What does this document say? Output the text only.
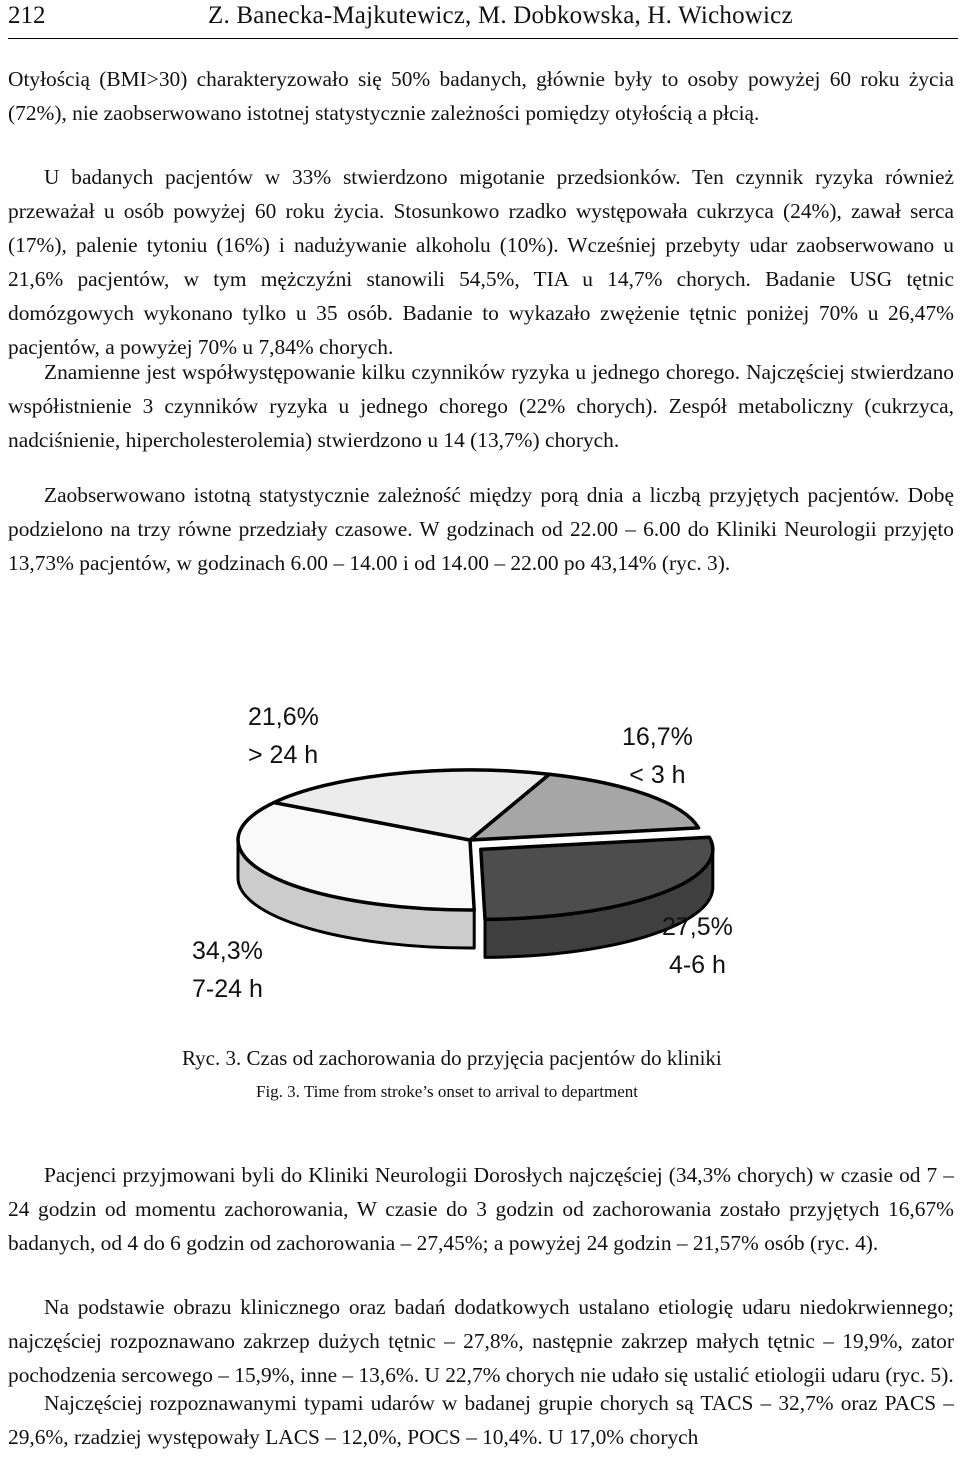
212	Z. Banecka-Majkutewicz, M. Dobkowska, H. Wichowicz

Otyłością (BMI>30) charakteryzowało się 50% badanych, głównie były to osoby powyżej 60 roku życia (72%), nie zaobserwowano istotnej statystycznie zależności pomiędzy otyłością a płcią.

U badanych pacjentów w 33% stwierdzono migotanie przedsionków. Ten czynnik ryzyka również przeważał u osób powyżej 60 roku życia. Stosunkowo rzadko występowała cukrzyca (24%), zawał serca (17%), palenie tytoniu (16%) i nadużywanie alkoholu (10%). Wcześniej przebyty udar zaobserwowano u 21,6% pacjentów, w tym mężczyźni stanowili 54,5%, TIA u 14,7% chorych. Badanie USG tętnic domózgowych wykonano tylko u 35 osób. Badanie to wykazało zwężenie tętnic poniżej 70% u 26,47% pacjentów, a powyżej 70% u 7,84% chorych.

Znamienne jest współwystępowanie kilku czynników ryzyka u jednego chorego. Najczęściej stwierdzano współistnienie 3 czynników ryzyka u jednego chorego (22% chorych). Zespół metaboliczny (cukrzyca, nadciśnienie, hipercholesterolemia) stwierdzono u 14 (13,7%) chorych.

Zaobserwowano istotną statystycznie zależność między porą dnia a liczbą przyjętych pacjentów. Dobę podzielono na trzy równe przedziały czasowe. W godzinach od 22.00 – 6.00 do Kliniki Neurologii przyjęto 13,73% pacjentów, w godzinach 6.00 – 14.00 i od 14.00 – 22.00 po 43,14% (ryc. 3).

21,6%
> 24 h
16,7%
< 3 h
27,5%
4-6 h
34,3%
7-24 h
Ryc. 3. Czas od zachorowania do przyjęcia pacjentów do kliniki
Fig. 3. Time from stroke’s onset to arrival to department

Pacjenci przyjmowani byli do Kliniki Neurologii Dorosłych najczęściej (34,3% chorych) w czasie od 7 – 24 godzin od momentu zachorowania, W czasie do 3 godzin od zachorowania zostało przyjętych 16,67% badanych, od 4 do 6 godzin od zachorowania – 27,45%; a powyżej 24 godzin – 21,57% osób (ryc. 4).

Na podstawie obrazu klinicznego oraz badań dodatkowych ustalano etiologię udaru niedokrwiennego; najczęściej rozpoznawano zakrzep dużych tętnic – 27,8%, następnie zakrzep małych tętnic – 19,9%, zator pochodzenia sercowego – 15,9%, inne – 13,6%. U 22,7% chorych nie udało się ustalić etiologii udaru (ryc. 5).

Najczęściej rozpoznawanymi typami udarów w badanej grupie chorych są TACS – 32,7% oraz PACS – 29,6%, rzadziej występowały LACS – 12,0%, POCS – 10,4%. U 17,0% chorych
